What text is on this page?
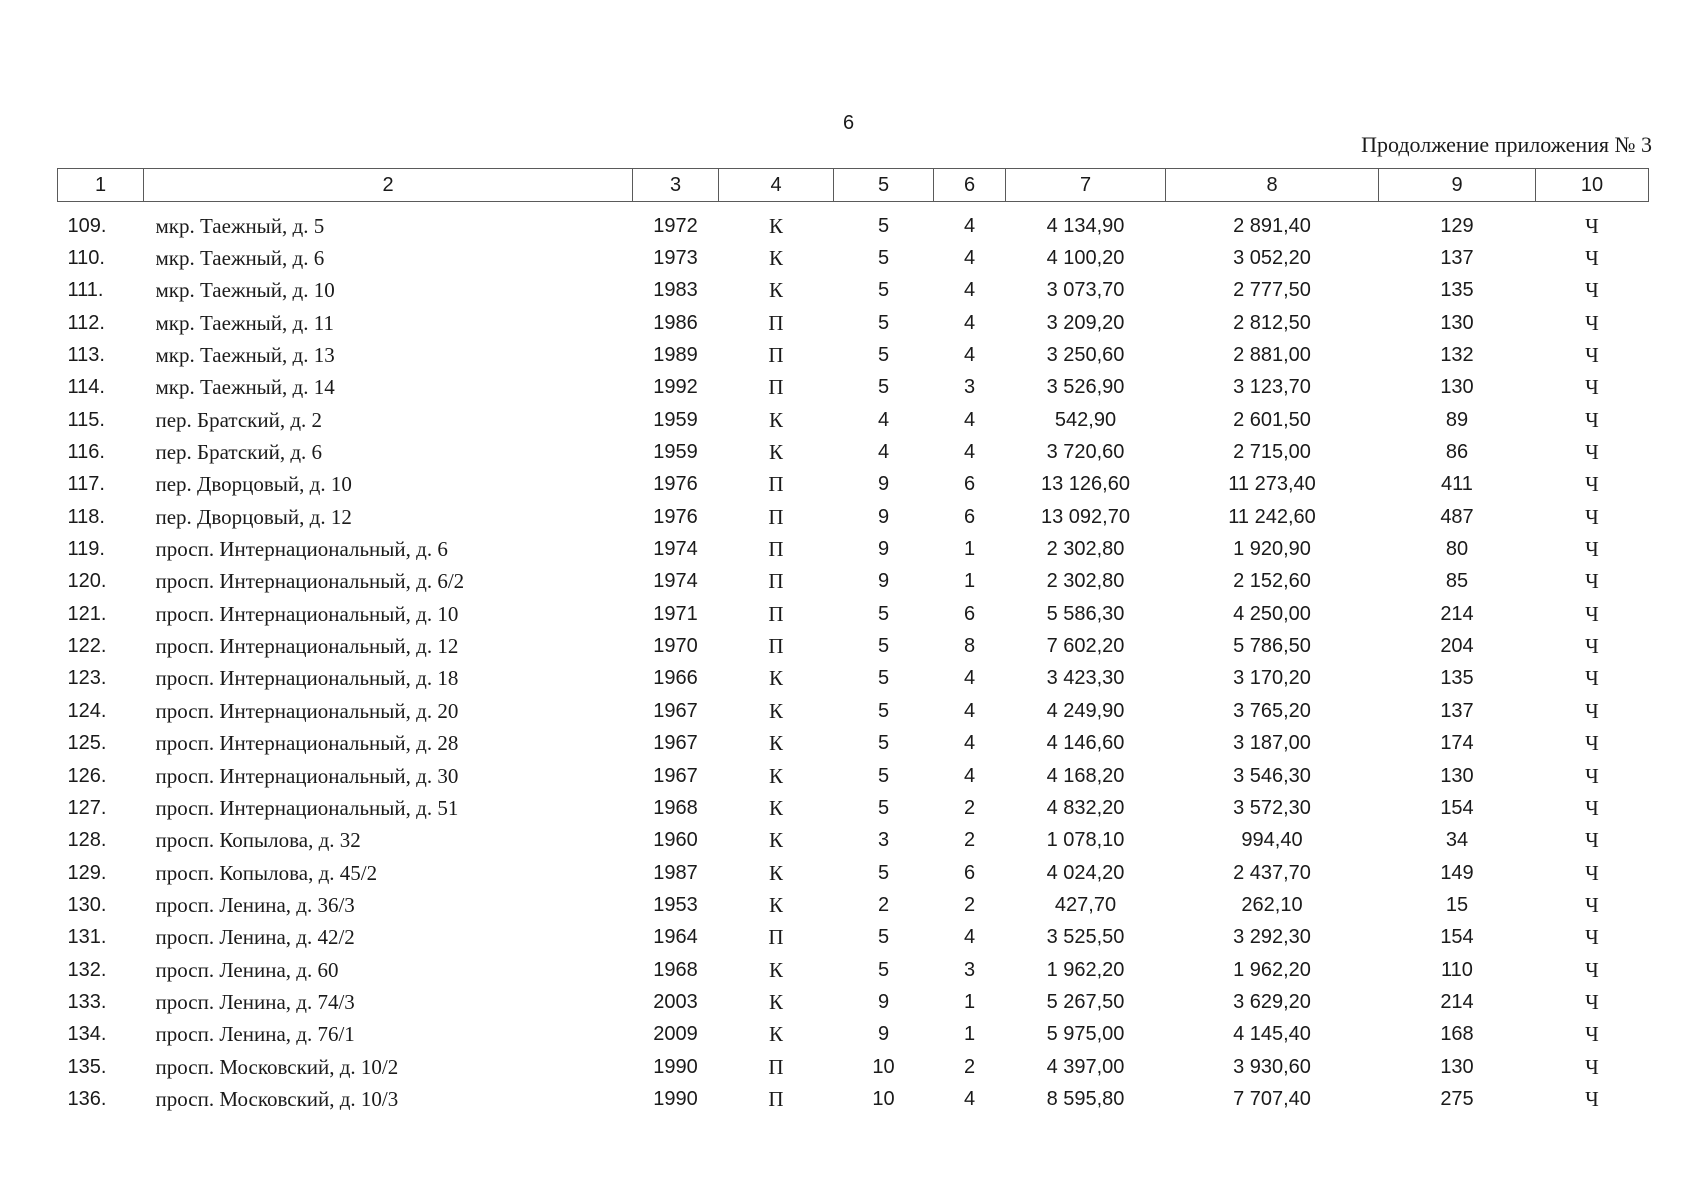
6
Продолжение приложения № 3
1	2	3	4	5	6	7	8	9	10
109.	мкр. Таежный, д. 5	1972	К	5	4	4 134,90	2 891,40	129	Ч
110.	мкр. Таежный, д. 6	1973	К	5	4	4 100,20	3 052,20	137	Ч
111.	мкр. Таежный, д. 10	1983	К	5	4	3 073,70	2 777,50	135	Ч
112.	мкр. Таежный, д. 11	1986	П	5	4	3 209,20	2 812,50	130	Ч
113.	мкр. Таежный, д. 13	1989	П	5	4	3 250,60	2 881,00	132	Ч
114.	мкр. Таежный, д. 14	1992	П	5	3	3 526,90	3 123,70	130	Ч
115.	пер. Братский, д. 2	1959	К	4	4	542,90	2 601,50	89	Ч
116.	пер. Братский, д. 6	1959	К	4	4	3 720,60	2 715,00	86	Ч
117.	пер. Дворцовый, д. 10	1976	П	9	6	13 126,60	11 273,40	411	Ч
118.	пер. Дворцовый, д. 12	1976	П	9	6	13 092,70	11 242,60	487	Ч
119.	просп. Интернациональный, д. 6	1974	П	9	1	2 302,80	1 920,90	80	Ч
120.	просп. Интернациональный, д. 6/2	1974	П	9	1	2 302,80	2 152,60	85	Ч
121.	просп. Интернациональный, д. 10	1971	П	5	6	5 586,30	4 250,00	214	Ч
122.	просп. Интернациональный, д. 12	1970	П	5	8	7 602,20	5 786,50	204	Ч
123.	просп. Интернациональный, д. 18	1966	К	5	4	3 423,30	3 170,20	135	Ч
124.	просп. Интернациональный, д. 20	1967	К	5	4	4 249,90	3 765,20	137	Ч
125.	просп. Интернациональный, д. 28	1967	К	5	4	4 146,60	3 187,00	174	Ч
126.	просп. Интернациональный, д. 30	1967	К	5	4	4 168,20	3 546,30	130	Ч
127.	просп. Интернациональный, д. 51	1968	К	5	2	4 832,20	3 572,30	154	Ч
128.	просп. Копылова, д. 32	1960	К	3	2	1 078,10	994,40	34	Ч
129.	просп. Копылова, д. 45/2	1987	К	5	6	4 024,20	2 437,70	149	Ч
130.	просп. Ленина, д. 36/3	1953	К	2	2	427,70	262,10	15	Ч
131.	просп. Ленина, д. 42/2	1964	П	5	4	3 525,50	3 292,30	154	Ч
132.	просп. Ленина, д. 60	1968	К	5	3	1 962,20	1 962,20	110	Ч
133.	просп. Ленина, д. 74/3	2003	К	9	1	5 267,50	3 629,20	214	Ч
134.	просп. Ленина, д. 76/1	2009	К	9	1	5 975,00	4 145,40	168	Ч
135.	просп. Московский, д. 10/2	1990	П	10	2	4 397,00	3 930,60	130	Ч
136.	просп. Московский, д. 10/3	1990	П	10	4	8 595,80	7 707,40	275	Ч
